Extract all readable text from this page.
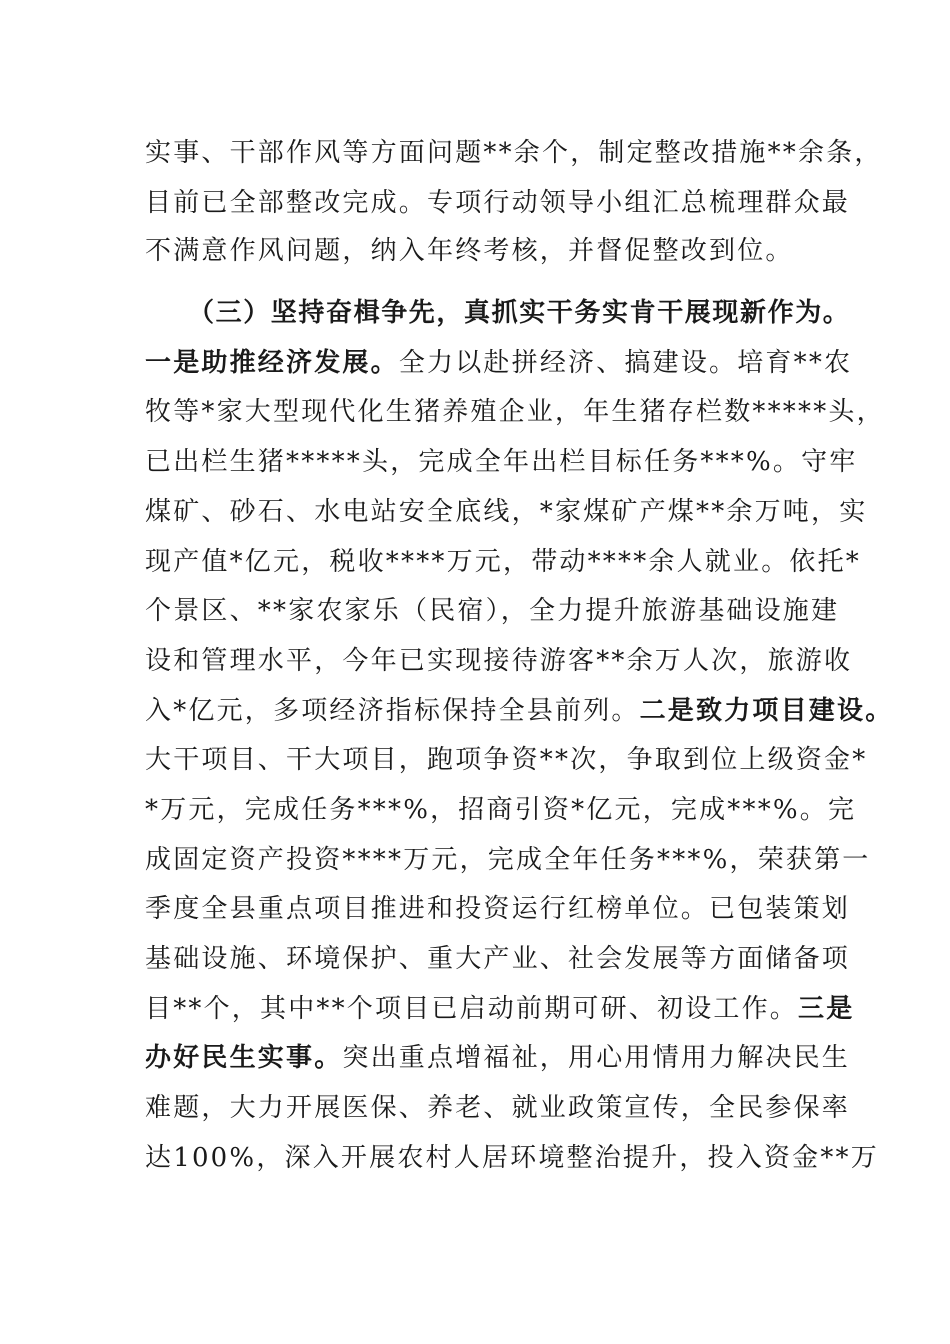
实事、干部作风等方面问题**余个，制定整改措施**余条，
目前已全部整改完成。专项行动领导小组汇总梳理群众最
不满意作风问题，纳入年终考核，并督促整改到位。
（三）坚持奋楫争先，真抓实干务实肯干展现新作为。
一是助推经济发展。全力以赴拼经济、搞建设。培育**农
牧等*家大型现代化生猪养殖企业，年生猪存栏数*****头，
已出栏生猪*****头，完成全年出栏目标任务***%。守牢
煤矿、砂石、水电站安全底线，*家煤矿产煤**余万吨，实
现产值*亿元，税收****万元，带动****余人就业。依托*
个景区、**家农家乐（民宿），全力提升旅游基础设施建
设和管理水平，今年已实现接待游客**余万人次，旅游收
入*亿元，多项经济指标保持全县前列。二是致力项目建设。
大干项目、干大项目，跑项争资**次，争取到位上级资金*
*万元，完成任务***%，招商引资*亿元，完成***%。完
成固定资产投资****万元，完成全年任务***%，荣获第一
季度全县重点项目推进和投资运行红榜单位。已包装策划
基础设施、环境保护、重大产业、社会发展等方面储备项
目**个，其中**个项目已启动前期可研、初设工作。三是
办好民生实事。突出重点增福祉，用心用情用力解决民生
难题，大力开展医保、养老、就业政策宣传，全民参保率
达100%，深入开展农村人居环境整治提升，投入资金**万
